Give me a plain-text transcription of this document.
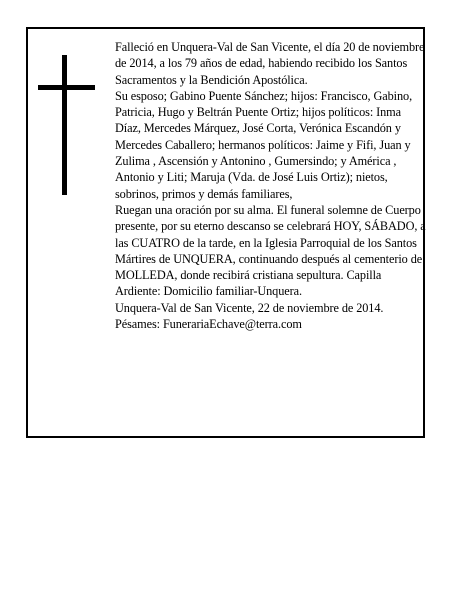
Falleció en Unquera-Val de San Vicente, el día 20 de noviembre de 2014, a los 79 años de edad, habiendo recibido los Santos Sacramentos y la Bendición Apostólica.

Su esposo; Gabino Puente Sánchez; hijos: Francisco, Gabino, Patricia, Hugo y Beltrán Puente Ortiz; hijos políticos: Inma Díaz, Mercedes Márquez, José Corta, Verónica Escandón y Mercedes Caballero; hermanos políticos: Jaime y Fifi, Juan y Zulima , Ascensión y Antonino , Gumersindo; y América , Antonio y Liti; Maruja (Vda. de José Luis Ortiz); nietos, sobrinos, primos y demás familiares,

Ruegan una oración por su alma. El funeral solemne de Cuerpo presente, por su eterno descanso se celebrará HOY, SÁBADO, a las CUATRO de la tarde, en la Iglesia Parroquial de los Santos Mártires de UNQUERA, continuando después al cementerio de MOLLEDA, donde recibirá cristiana sepultura. Capilla Ardiente: Domicilio familiar-Unquera.

Unquera-Val de San Vicente, 22 de noviembre de 2014.

Pésames: FunerariaEchave@terra.com
